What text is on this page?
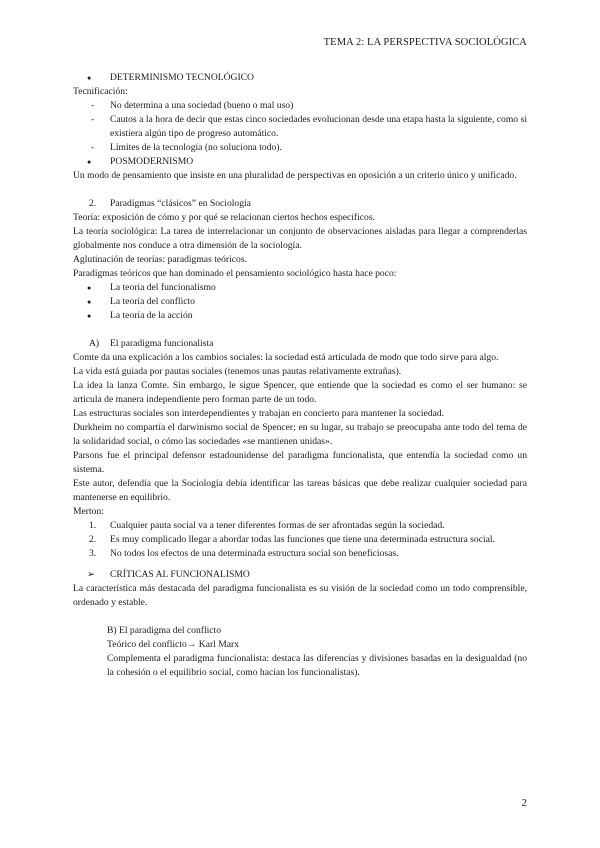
TEMA 2: LA PERSPECTIVA SOCIOLÓGICA

● DETERMINISMO TECNOLÓGICO

Tecnificación:

- No determina a una sociedad (bueno o mal uso)

- Cautos a la hora de decir que estas cinco sociedades evolucionan desde una etapa hasta la siguiente, como si existiera algún tipo de progreso automático.

- Límites de la tecnología (no soluciona todo).

● POSMODERNISMO

Un modo de pensamiento que insiste en una pluralidad de perspectivas en oposición a un criterio único y unificado.

2. Paradigmas “clásicos” en Sociología

Teoría: exposición de cómo y por qué se relacionan ciertos hechos específicos.

La teoría sociológica: La tarea de interrelacionar un conjunto de observaciones aisladas para llegar a comprenderlas globalmente nos conduce a otra dimensión de la sociología.

Aglutinación de teorías: paradigmas teóricos.

Paradigmas teóricos que han dominado el pensamiento sociológico hasta hace poco:

● La teoría del funcionalismo

● La teoría del conflicto

● La teoría de la acción

A) El paradigma funcionalista

Comte da una explicación a los cambios sociales: la sociedad está articulada de modo que todo sirve para algo.

La vida está guiada por pautas sociales (tenemos unas pautas relativamente extrañas).

La idea la lanza Comte. Sin embargo, le sigue Spencer, que entiende que la sociedad es como el ser humano: se articula de manera independiente pero forman parte de un todo.

Las estructuras sociales son interdependientes y trabajan en concierto para mantener la sociedad.

Durkheim no compartía el darwinismo social de Spencer; en su lugar, su trabajo se preocupaba ante todo del tema de la solidaridad social, o cómo las sociedades «se mantienen unidas».

Parsons fue el principal defensor estadounidense del paradigma funcionalista, que entendía la sociedad como un sistema.

Este autor, defendía que la Sociología debía identificar las tareas básicas que debe realizar cualquier sociedad para mantenerse en equilibrio.

Merton:

1. Cualquier pauta social va a tener diferentes formas de ser afrontadas según la sociedad.

2. Es muy complicado llegar a abordar todas las funciones que tiene una determinada estructura social.

3. No todos los efectos de una determinada estructura social son beneficiosas.

➢ CRÍTICAS AL FUNCIONALISMO

La característica más destacada del paradigma funcionalista es su visión de la sociedad como un todo comprensible, ordenado y estable.

B) El paradigma del conflicto

Teórico del conflicto→ Karl Marx

Complementa el paradigma funcionalista: destaca las diferencias y divisiones basadas en la desigualdad (no la cohesión o el equilibrio social, como hacían los funcionalistas).

2
